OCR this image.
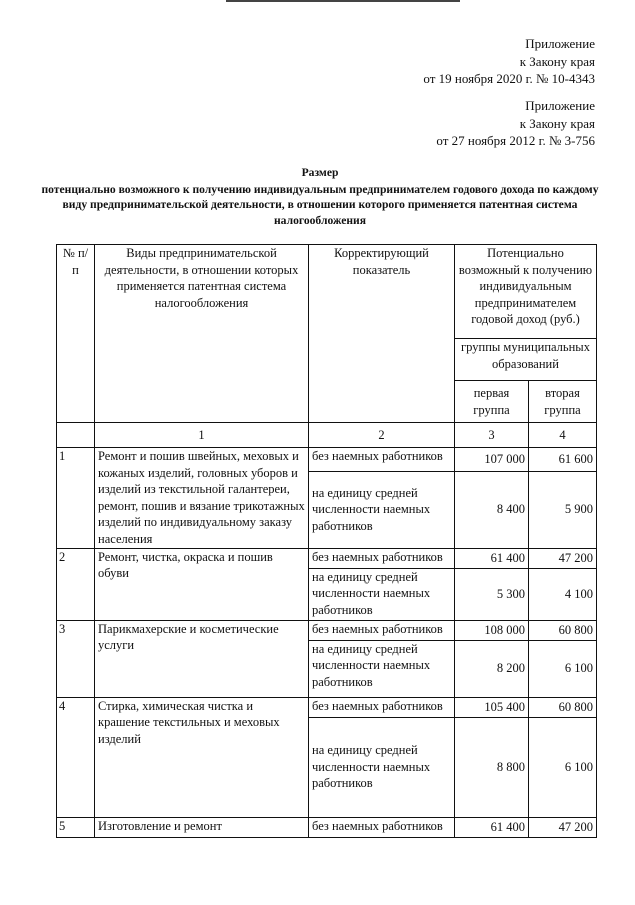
Приложение
к Закону края
от 19 ноября 2020 г. № 10-4343
Приложение
к Закону края
от 27 ноября 2012 г. № 3-756
Размер
потенциально возможного к получению индивидуальным предпринимателем годового дохода по каждому виду предпринимательской деятельности, в отношении которого применяется патентная система налогообложения
№ п/п	Виды предпринимательской деятельности, в отношении которых применяется патентная система налогообложения	Корректирующий показатель	Потенциально возможный к получению индивидуальным предпринимателем годовой доход (руб.)	

			группы муниципальных образований	
			первая группа	вторая группа
	1	2	3	4
1	Ремонт и пошив швейных, меховых и кожаных изделий, головных уборов и изделий из текстильной галантереи, ремонт, пошив и вязание трикотажных изделий по индивидуальному заказу населения	без наемных работников	107 000	61 600
		на единицу средней численности наемных работников	8 400	5 900
2	Ремонт, чистка, окраска и пошив обуви	без наемных работников	61 400	47 200
		на единицу средней численности наемных работников	5 300	4 100
3	Парикмахерские и косметические услуги	без наемных работников	108 000	60 800
		на единицу средней численности наемных работников	8 200	6 100
4	Стирка, химическая чистка и крашение текстильных и меховых изделий	без наемных работников	105 400	60 800
		на единицу средней численности наемных работников	8 800	6 100
5	Изготовление и ремонт	без наемных работников	61 400	47 200
